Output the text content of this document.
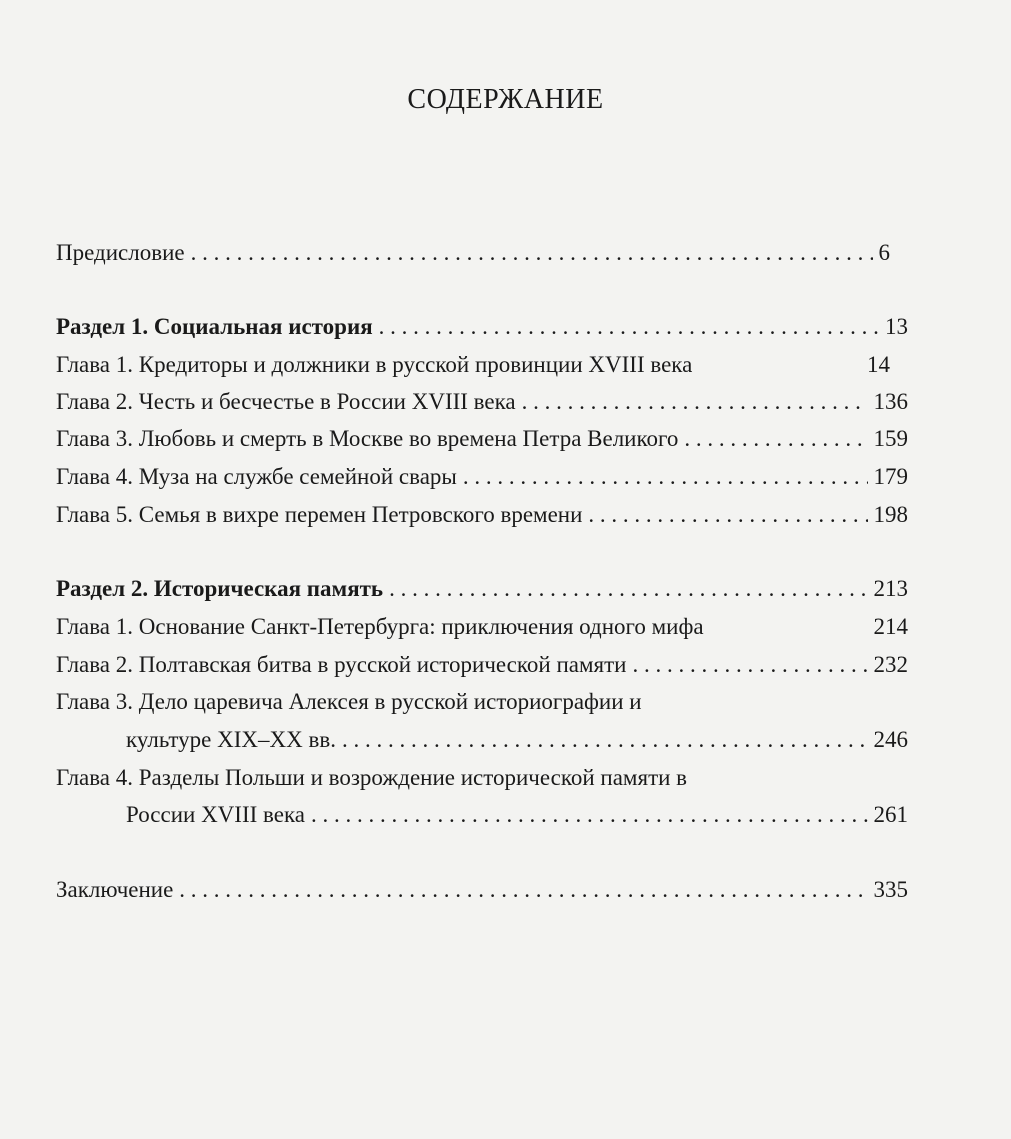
СОДЕРЖАНИЕ
Предисловие . . .	6
Раздел 1. Социальная история . . .	13
Глава 1. Кредиторы и должники в русской провинции XVIII века	14
Глава 2. Честь и бесчестье в России XVIII века . . .	136
Глава 3. Любовь и смерть в Москве во времена Петра Великого . . .	159
Глава 4. Муза на службе семейной свары . . .	179
Глава 5. Семья в вихре перемен Петровского времени . . .	198
Раздел 2. Историческая память . . .	213
Глава 1. Основание Санкт-Петербурга: приключения одного мифа	214
Глава 2. Полтавская битва в русской исторической памяти . . .	232
Глава 3. Дело царевича Алексея в русской историографии и
культуре XIX–XX вв. . . .	246
Глава 4. Разделы Польши и возрождение исторической памяти в
России XVIII века . . .	261
Заключение . . .	335
